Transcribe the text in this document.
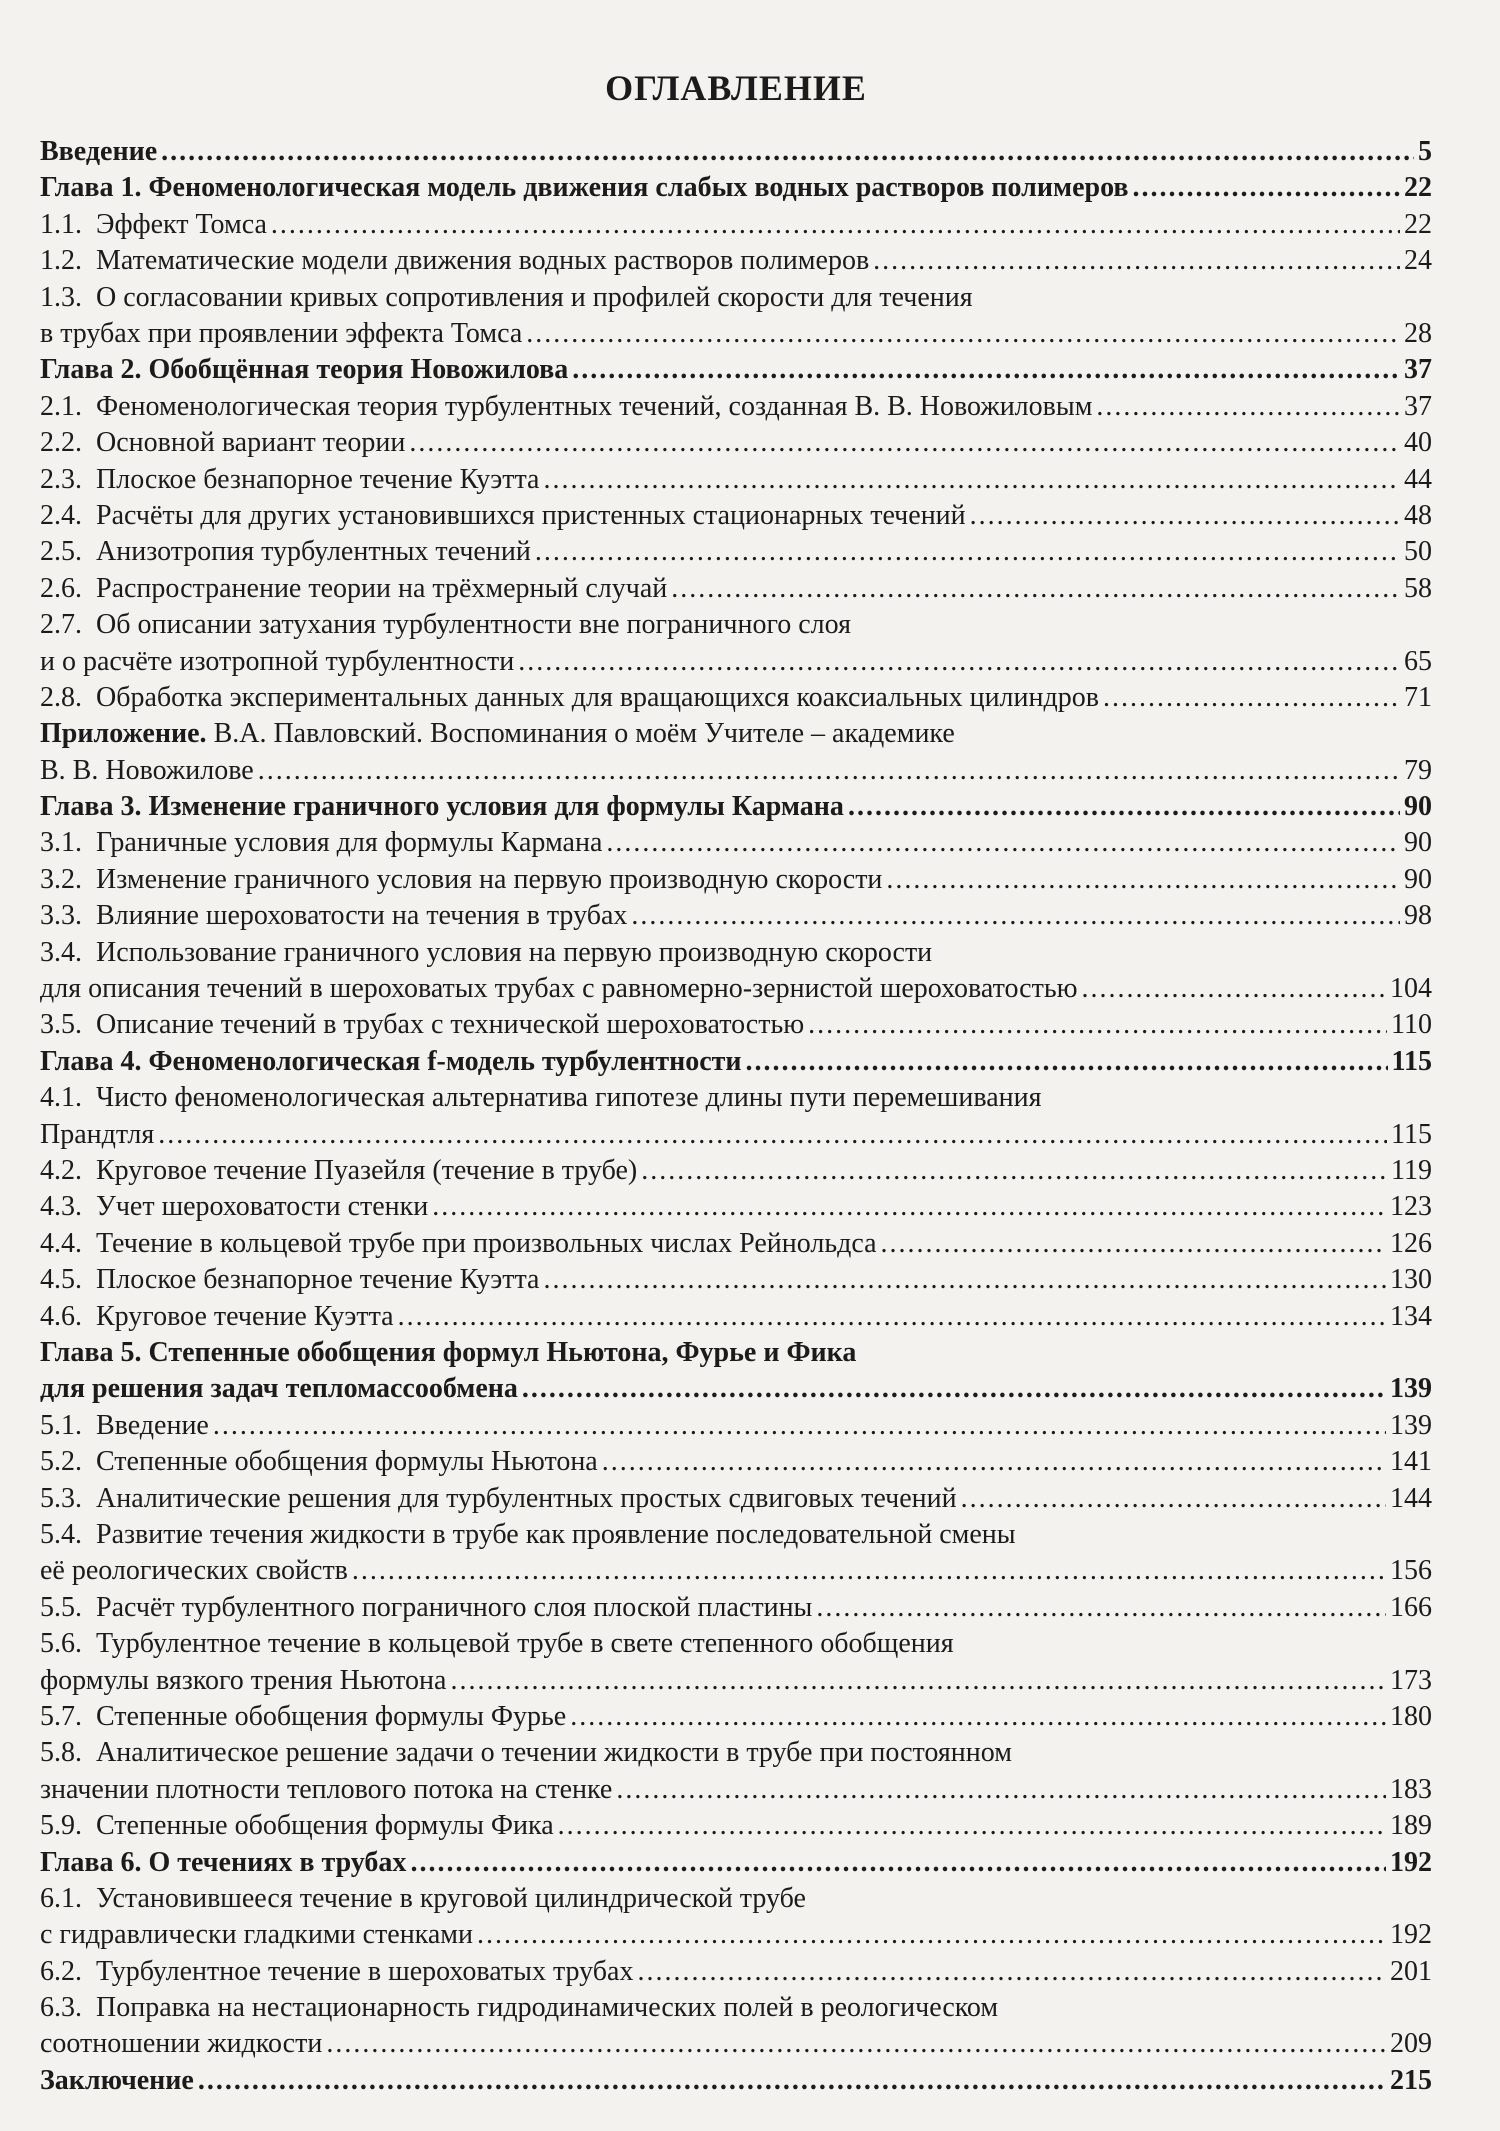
ОГЛАВЛЕНИЕ
Введение .....	5
Глава 1. Феноменологическая модель движения слабых водных растворов полимеров .....	22
1.1. Эффект Томса .....	22
1.2. Математические модели движения водных растворов полимеров .....	24
1.3. О согласовании кривых сопротивления и профилей скорости для течения
в трубах при проявлении эффекта Томса .....	28
Глава 2. Обобщённая теория Новожилова .....	37
2.1. Феноменологическая теория турбулентных течений, созданная В. В. Новожиловым .....	37
2.2. Основной вариант теории .....	40
2.3. Плоское безнапорное течение Куэтта .....	44
2.4. Расчёты для других установившихся пристенных стационарных течений .....	48
2.5. Анизотропия турбулентных течений .....	50
2.6. Распространение теории на трёхмерный случай .....	58
2.7. Об описании затухания турбулентности вне пограничного слоя
и о расчёте изотропной турбулентности .....	65
2.8. Обработка экспериментальных данных для вращающихся коаксиальных цилиндров .....	71
Приложение. В.А. Павловский. Воспоминания о моём Учителе – академике
В. В. Новожилове .....	79
Глава 3. Изменение граничного условия для формулы Кармана .....	90
3.1. Граничные условия для формулы Кармана .....	90
3.2. Изменение граничного условия на первую производную скорости .....	90
3.3. Влияние шероховатости на течения в трубах .....	98
3.4. Использование граничного условия на первую производную скорости
для описания течений в шероховатых трубах с равномерно-зернистой шероховатостью .....	104
3.5. Описание течений в трубах с технической шероховатостью .....	110
Глава 4. Феноменологическая f-модель турбулентности .....	115
4.1. Чисто феноменологическая альтернатива гипотезе длины пути перемешивания
Прандтля .....	115
4.2. Круговое течение Пуазейля (течение в трубе) .....	119
4.3. Учет шероховатости стенки .....	123
4.4. Течение в кольцевой трубе при произвольных числах Рейнольдса .....	126
4.5. Плоское безнапорное течение Куэтта .....	130
4.6. Круговое течение Куэтта .....	134
Глава 5. Степенные обобщения формул Ньютона, Фурье и Фика
для решения задач тепломассообмена .....	139
5.1. Введение .....	139
5.2. Степенные обобщения формулы Ньютона .....	141
5.3. Аналитические решения для турбулентных простых сдвиговых течений .....	144
5.4. Развитие течения жидкости в трубе как проявление последовательной смены
её реологических свойств .....	156
5.5. Расчёт турбулентного пограничного слоя плоской пластины .....	166
5.6. Турбулентное течение в кольцевой трубе в свете степенного обобщения
формулы вязкого трения Ньютона .....	173
5.7. Степенные обобщения формулы Фурье .....	180
5.8. Аналитическое решение задачи о течении жидкости в трубе при постоянном
значении плотности теплового потока на стенке .....	183
5.9. Степенные обобщения формулы Фика .....	189
Глава 6. О течениях в трубах .....	192
6.1. Установившееся течение в круговой цилиндрической трубе
с гидравлически гладкими стенками .....	192
6.2. Турбулентное течение в шероховатых трубах .....	201
6.3. Поправка на нестационарность гидродинамических полей в реологическом
соотношении жидкости .....	209
Заключение .....	215
